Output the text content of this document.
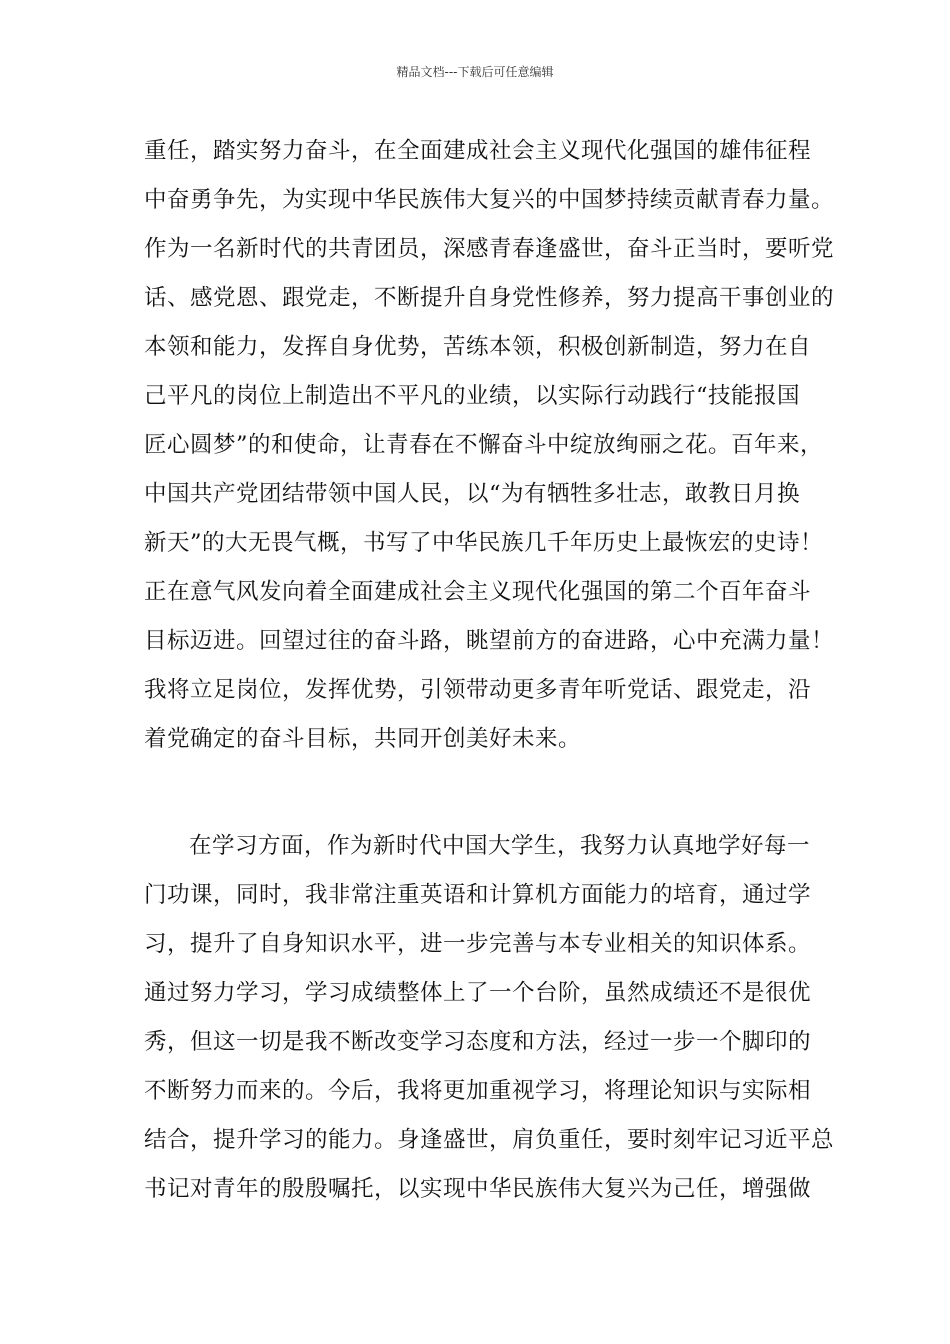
精品文档---下载后可任意编辑
重任，踏实努力奋斗，在全面建成社会主义现代化强国的雄伟征程
中奋勇争先，为实现中华民族伟大复兴的中国梦持续贡献青春力量。
作为一名新时代的共青团员，深感青春逢盛世，奋斗正当时，要听党
话、感党恩、跟党走，不断提升自身党性修养，努力提高干事创业的
本领和能力，发挥自身优势，苦练本领，积极创新制造，努力在自
己平凡的岗位上制造出不平凡的业绩，以实际行动践行“技能报国
匠心圆梦”的和使命，让青春在不懈奋斗中绽放绚丽之花。百年来，
中国共产党团结带领中国人民，以“为有牺牲多壮志，敢教日月换
新天”的大无畏气概，书写了中华民族几千年历史上最恢宏的史诗！
正在意气风发向着全面建成社会主义现代化强国的第二个百年奋斗
目标迈进。回望过往的奋斗路，眺望前方的奋进路，心中充满力量！
我将立足岗位，发挥优势，引领带动更多青年听党话、跟党走，沿
着党确定的奋斗目标，共同开创美好未来。
在学习方面，作为新时代中国大学生，我努力认真地学好每一
门功课，同时，我非常注重英语和计算机方面能力的培育，通过学
习，提升了自身知识水平，进一步完善与本专业相关的知识体系。
通过努力学习，学习成绩整体上了一个台阶，虽然成绩还不是很优
秀，但这一切是我不断改变学习态度和方法，经过一步一个脚印的
不断努力而来的。今后，我将更加重视学习，将理论知识与实际相
结合，提升学习的能力。身逢盛世，肩负重任，要时刻牢记习近平总
书记对青年的殷殷嘱托，以实现中华民族伟大复兴为己任，增强做
